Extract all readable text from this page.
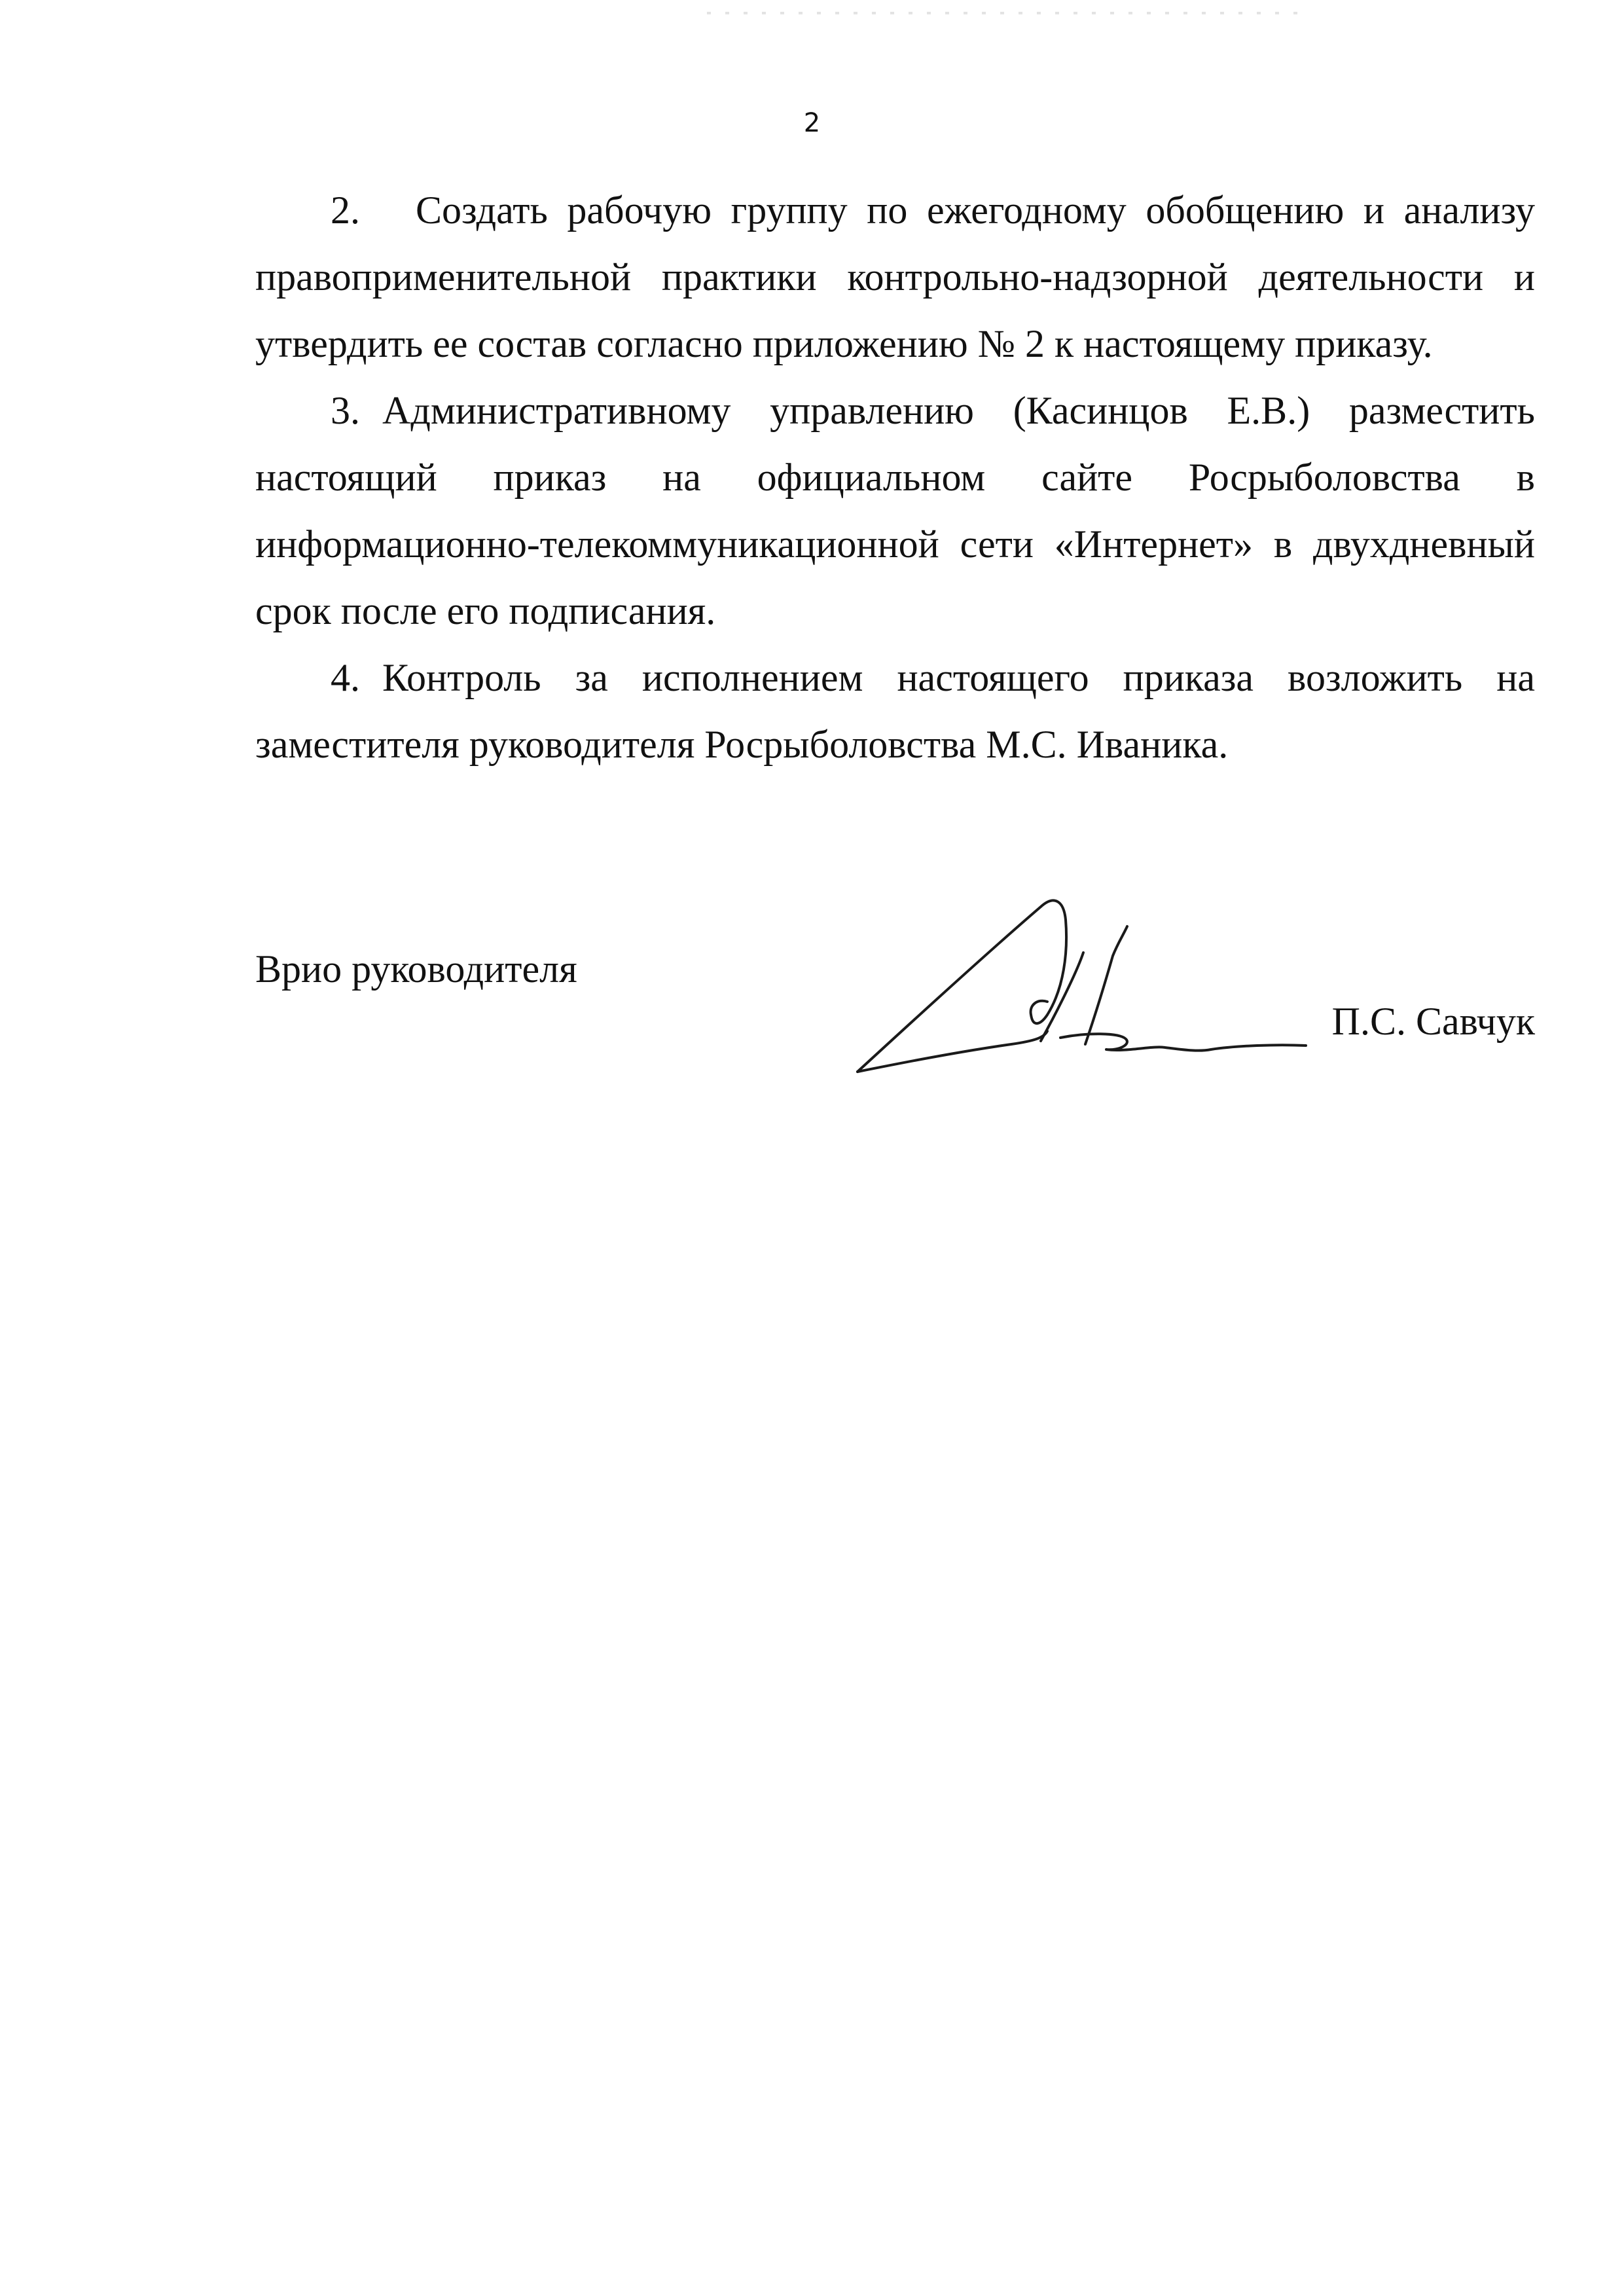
2

2. Создать рабочую группу по ежегодному обобщению и анализу правоприменительной практики контрольно-надзорной деятельности и утвердить ее состав согласно приложению № 2 к настоящему приказу.

3. Административному управлению (Касинцов Е.В.) разместить настоящий приказ на официальном сайте Росрыболовства в информационно-телекоммуникационной сети «Интернет» в двухдневный срок после его подписания.

4. Контроль за исполнением настоящего приказа возложить на заместителя руководителя Росрыболовства М.С. Иваника.

Врио руководителя
П.С. Савчук
